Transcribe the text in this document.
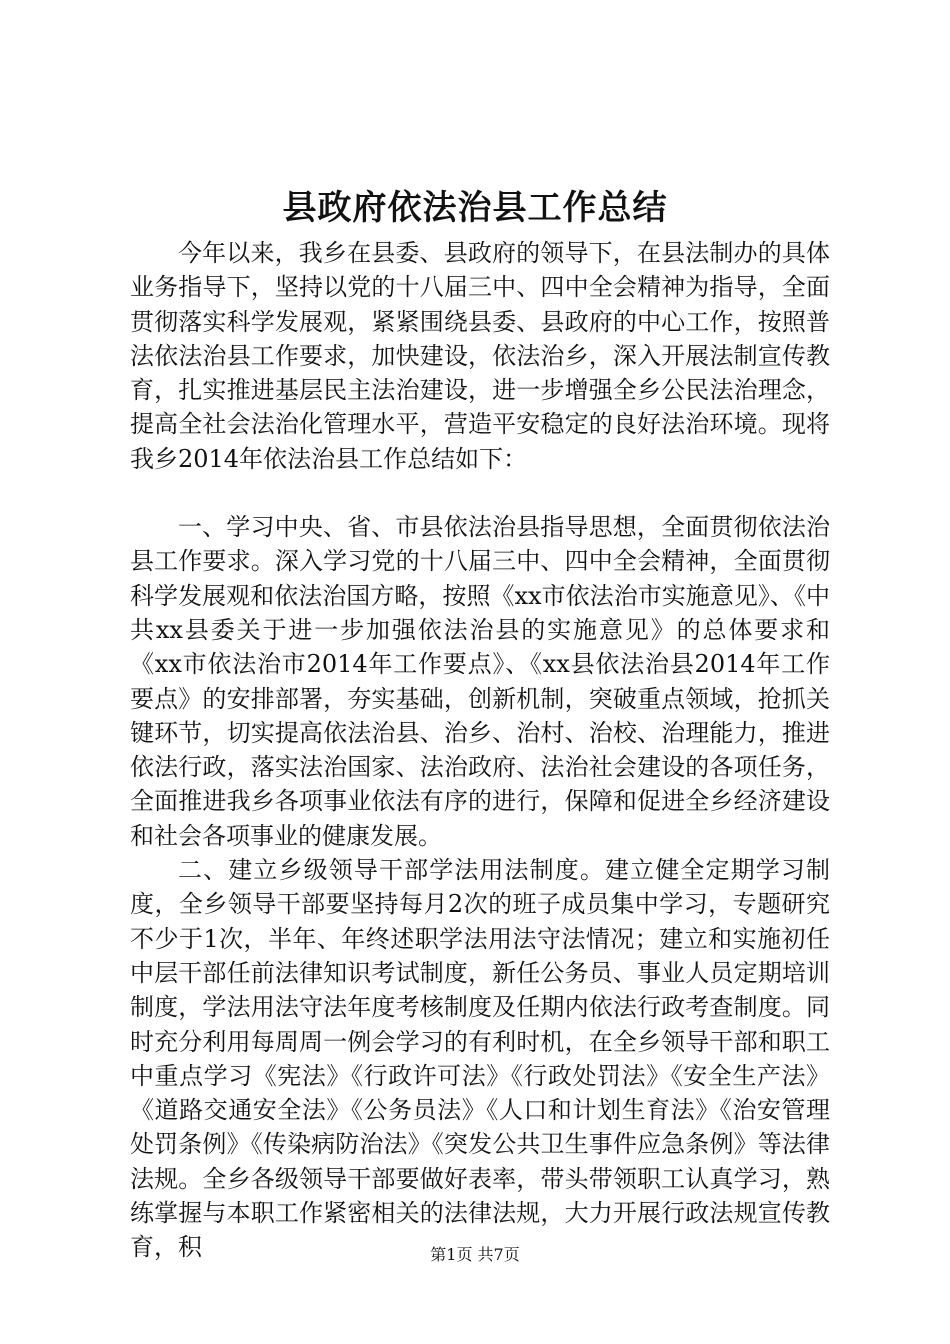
县政府依法治县工作总结

今年以来，我乡在县委、县政府的领导下，在县法制办的具体业务指导下，坚持以党的十八届三中、四中全会精神为指导，全面贯彻落实科学发展观，紧紧围绕县委、县政府的中心工作，按照普法依法治县工作要求，加快建设，依法治乡，深入开展法制宣传教育，扎实推进基层民主法治建设，进一步增强全乡公民法治理念，提高全社会法治化管理水平，营造平安稳定的良好法治环境。现将我乡2014年依法治县工作总结如下：

一、学习中央、省、市县依法治县指导思想，全面贯彻依法治县工作要求。深入学习党的十八届三中、四中全会精神，全面贯彻科学发展观和依法治国方略，按照《xx市依法治市实施意见》、《中共xx县委关于进一步加强依法治县的实施意见》的总体要求和《xx市依法治市2014年工作要点》、《xx县依法治县2014年工作要点》的安排部署，夯实基础，创新机制，突破重点领域，抢抓关键环节，切实提高依法治县、治乡、治村、治校、治理能力，推进依法行政，落实法治国家、法治政府、法治社会建设的各项任务，全面推进我乡各项事业依法有序的进行，保障和促进全乡经济建设和社会各项事业的健康发展。

二、建立乡级领导干部学法用法制度。建立健全定期学习制度，全乡领导干部要坚持每月2次的班子成员集中学习，专题研究不少于1次，半年、年终述职学法用法守法情况；建立和实施初任中层干部任前法律知识考试制度，新任公务员、事业人员定期培训制度，学法用法守法年度考核制度及任期内依法行政考查制度。同时充分利用每周周一例会学习的有利时机，在全乡领导干部和职工中重点学习《宪法》《行政许可法》《行政处罚法》《安全生产法》《道路交通安全法》《公务员法》《人口和计划生育法》《治安管理处罚条例》《传染病防治法》《突发公共卫生事件应急条例》等法律法规。全乡各级领导干部要做好表率，带头带领职工认真学习，熟练掌握与本职工作紧密相关的法律法规，大力开展行政法规宣传教育，积	第1页 共7页
